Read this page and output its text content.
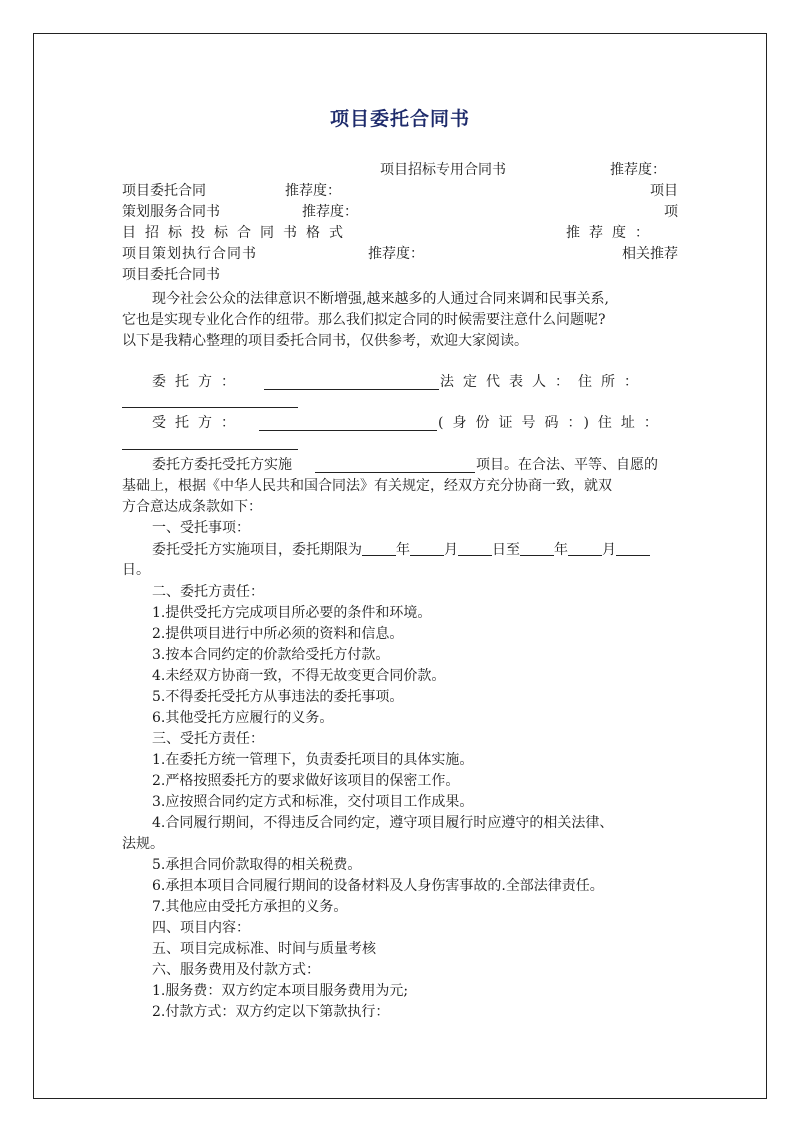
项目委托合同书
项目招标专用合同书	推荐度：
项目委托合同	推荐度：	项目
策划服务合同书	推荐度：	项
目招标投标合同书格式	推荐度：
项目策划执行合同书	推荐度：	相关推荐
项目委托合同书
现今社会公众的法律意识不断增强,越来越多的人通过合同来调和民事关系,
它也是实现专业化合作的纽带。那么我们拟定合同的时候需要注意什么问题呢?
以下是我精心整理的项目委托合同书，仅供参考，欢迎大家阅读。
委托方：	法定代表人：住所：
受托方：	(身份证号码：)住址：
委托方委托受托方实施	项目。在合法、平等、自愿的
基础上，根据《中华人民共和国合同法》有关规定，经双方充分协商一致，就双
方合意达成条款如下：
一、受托事项：
委托受托方实施项目，委托期限为 年 月 日至 年 月
日。
二、委托方责任：
1.提供受托方完成项目所必要的条件和环境。
2.提供项目进行中所必须的资料和信息。
3.按本合同约定的价款给受托方付款。
4.未经双方协商一致，不得无故变更合同价款。
5.不得委托受托方从事违法的委托事项。
6.其他受托方应履行的义务。
三、受托方责任：
1.在委托方统一管理下，负责委托项目的具体实施。
2.严格按照委托方的要求做好该项目的保密工作。
3.应按照合同约定方式和标准，交付项目工作成果。
4.合同履行期间，不得违反合同约定，遵守项目履行时应遵守的相关法律、
法规。
5.承担合同价款取得的相关税费。
6.承担本项目合同履行期间的设备材料及人身伤害事故的.全部法律责任。
7.其他应由受托方承担的义务。
四、项目内容：
五、项目完成标准、时间与质量考核
六、服务费用及付款方式：
1.服务费：双方约定本项目服务费用为元;
2.付款方式：双方约定以下第款执行：
